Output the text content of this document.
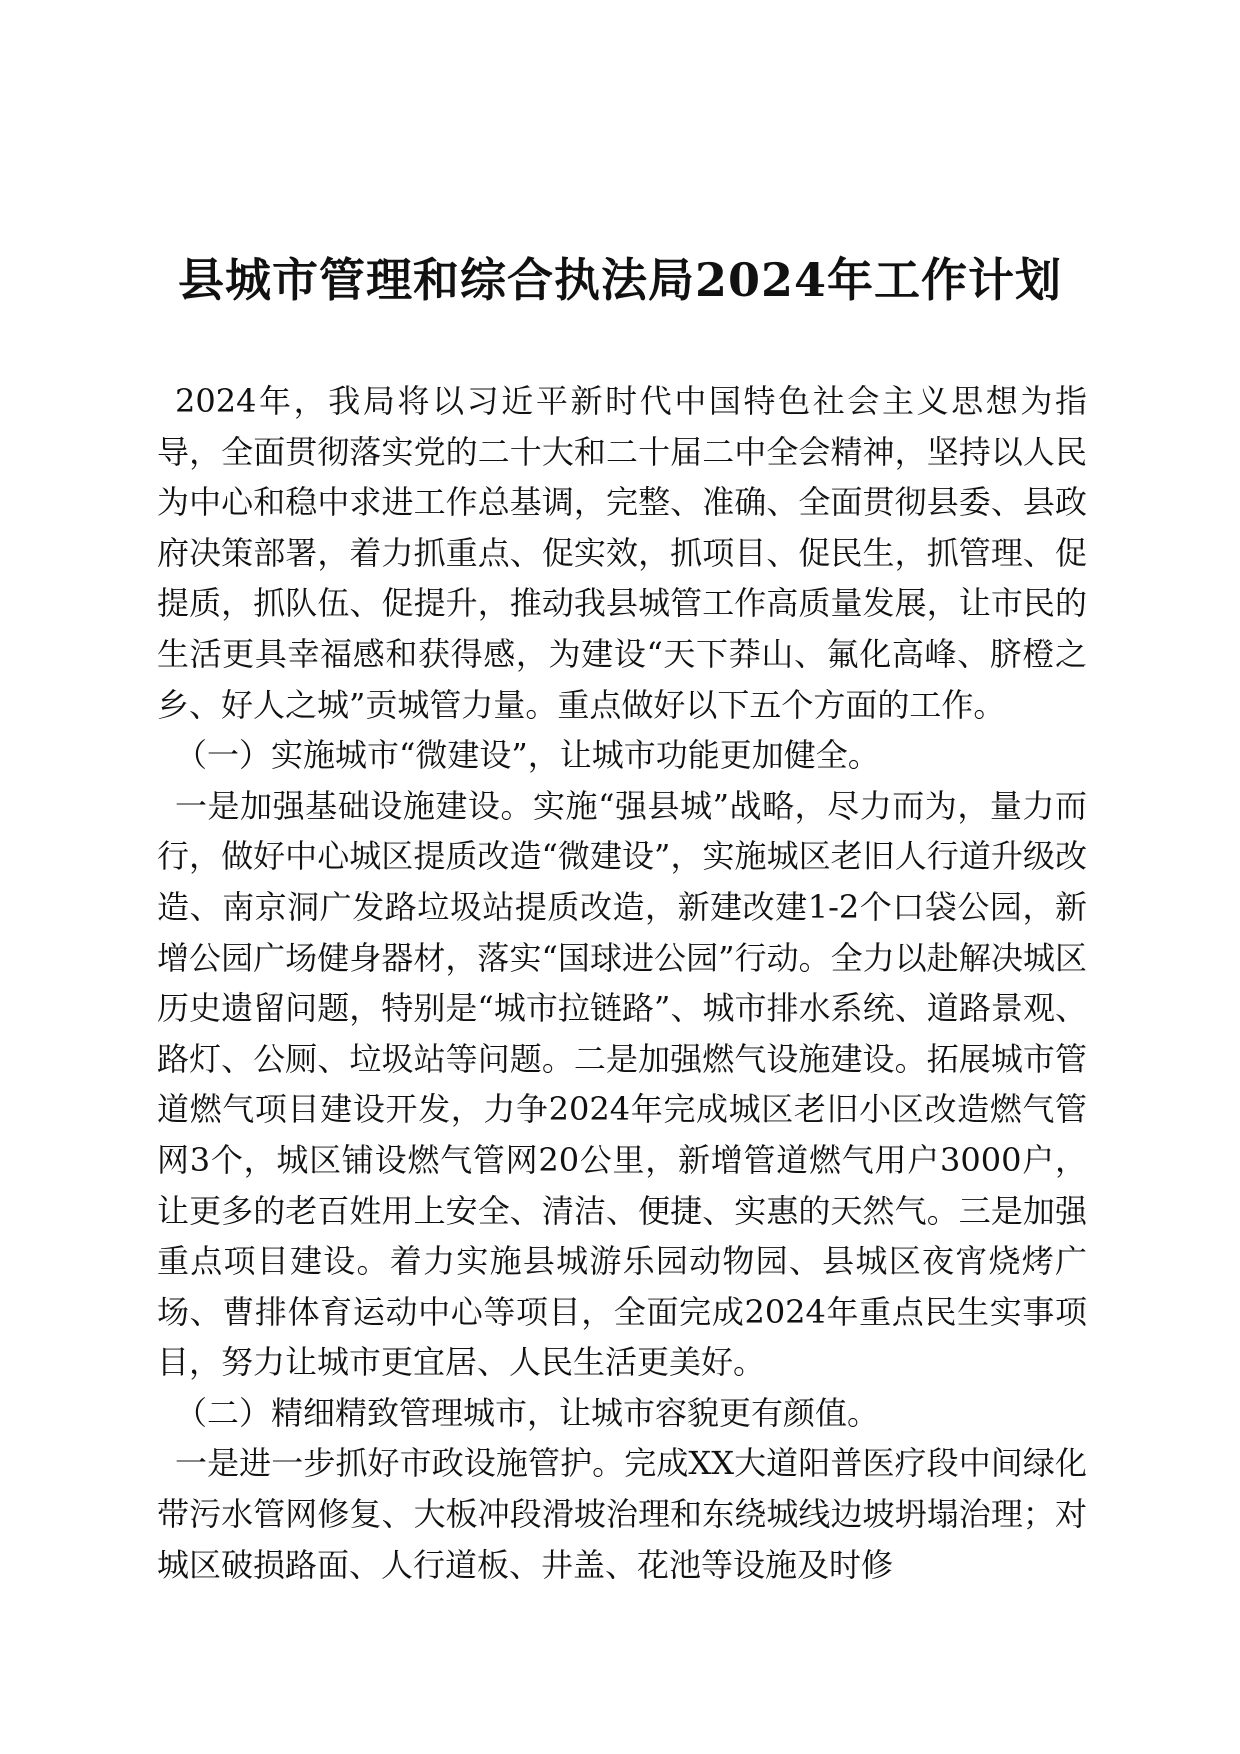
县城市管理和综合执法局2024年工作计划

2024年，我局将以习近平新时代中国特色社会主义思想为指导，全面贯彻落实党的二十大和二十届二中全会精神，坚持以人民为中心和稳中求进工作总基调，完整、准确、全面贯彻县委、县政府决策部署，着力抓重点、促实效，抓项目、促民生，抓管理、促提质，抓队伍、促提升，推动我县城管工作高质量发展，让市民的生活更具幸福感和获得感，为建设“天下莽山、氟化高峰、脐橙之乡、好人之城”贡城管力量。重点做好以下五个方面的工作。

（一）实施城市“微建设”，让城市功能更加健全。

一是加强基础设施建设。实施“强县城”战略，尽力而为，量力而行，做好中心城区提质改造“微建设”，实施城区老旧人行道升级改造、南京洞广发路垃圾站提质改造，新建改建1-2个口袋公园，新增公园广场健身器材，落实“国球进公园”行动。全力以赴解决城区历史遗留问题，特别是“城市拉链路”、城市排水系统、道路景观、路灯、公厕、垃圾站等问题。二是加强燃气设施建设。拓展城市管道燃气项目建设开发，力争2024年完成城区老旧小区改造燃气管网3个，城区铺设燃气管网20公里，新增管道燃气用户3000户，让更多的老百姓用上安全、清洁、便捷、实惠的天然气。三是加强重点项目建设。着力实施县城游乐园动物园、县城区夜宵烧烤广场、曹排体育运动中心等项目，全面完成2024年重点民生实事项目，努力让城市更宜居、人民生活更美好。

（二）精细精致管理城市，让城市容貌更有颜值。

一是进一步抓好市政设施管护。完成XX大道阳普医疗段中间绿化带污水管网修复、大板冲段滑坡治理和东绕城线边坡坍塌治理；对城区破损路面、人行道板、井盖、花池等设施及时修
